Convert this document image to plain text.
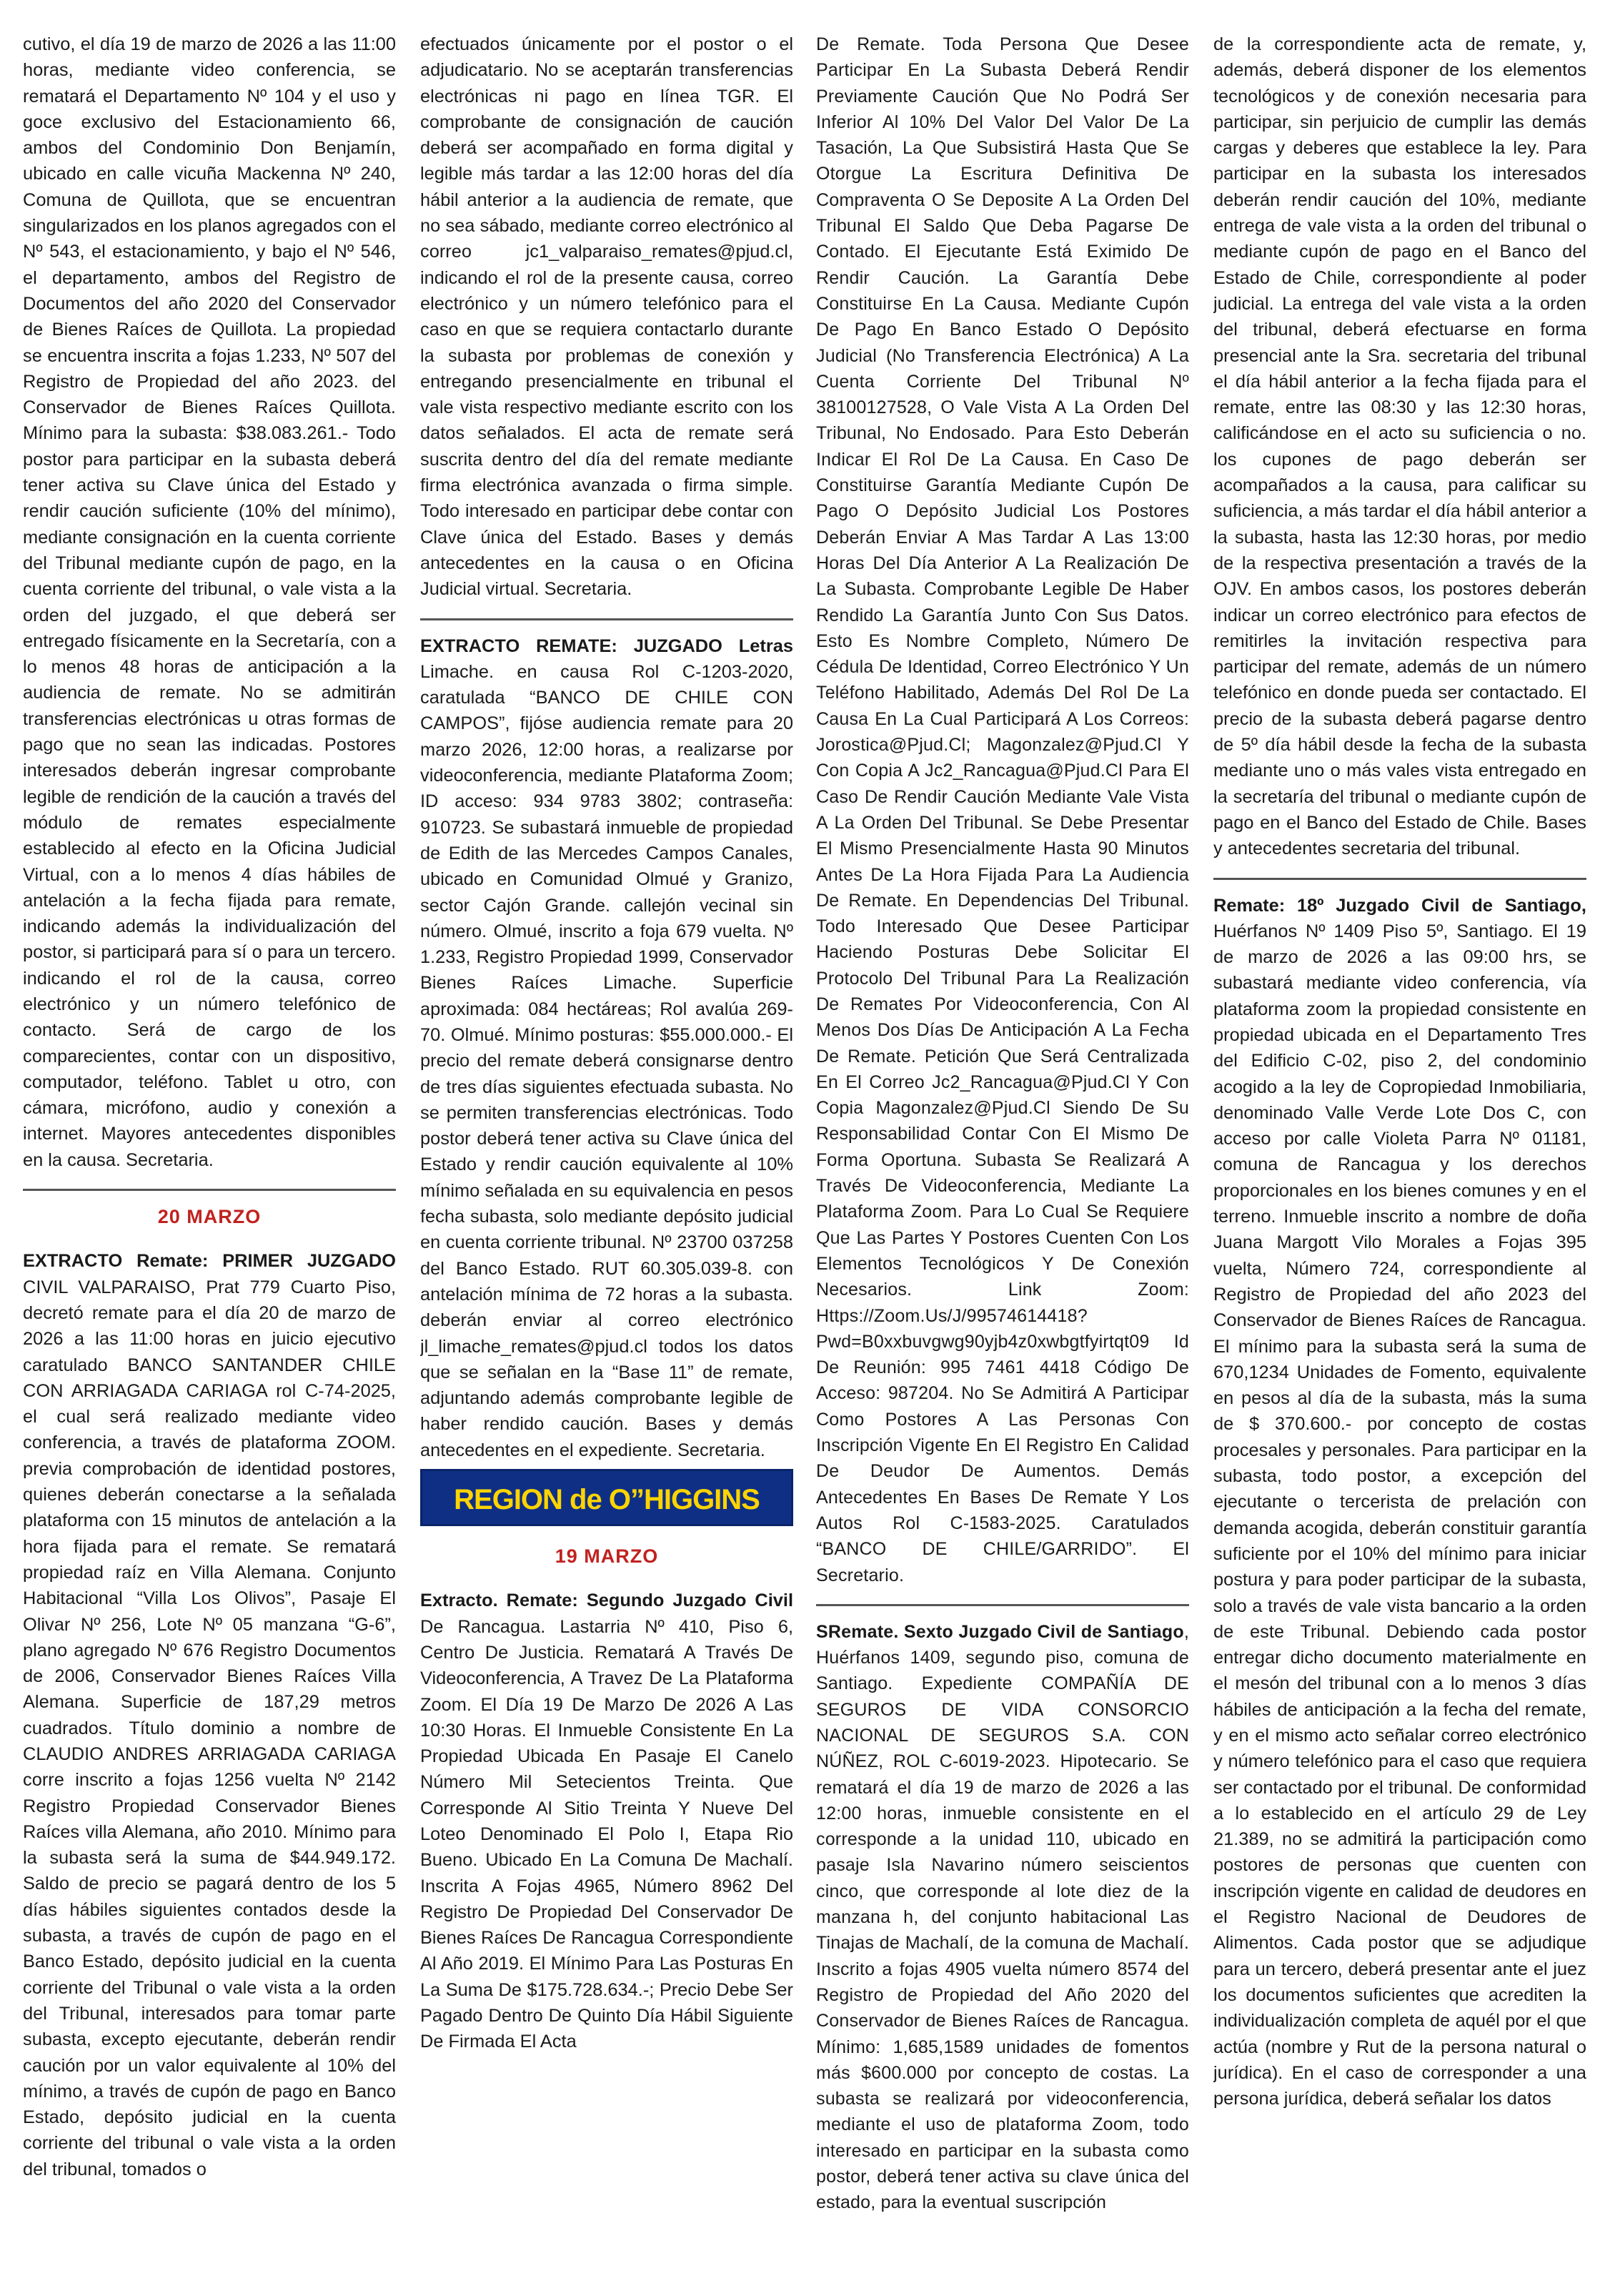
cutivo, el día 19 de marzo de 2026 a las 11:00 horas, mediante video conferencia, se rematará el Departamento Nº 104 y el uso y goce exclusivo del Estacionamiento 66, ambos del Condominio Don Benjamín, ubicado en calle vicuña Mackenna Nº 240, Comuna de Quillota, que se encuentran singularizados en los planos agregados con el Nº 543, el estacionamiento, y bajo el Nº 546, el departamento, ambos del Registro de Documentos del año 2020 del Conservador de Bienes Raíces de Quillota. La propiedad se encuentra inscrita a fojas 1.233, Nº 507 del Registro de Propiedad del año 2023. del Conservador de Bienes Raíces Quillota. Mínimo para la subasta: $38.083.261.- Todo postor para participar en la subasta deberá tener activa su Clave única del Estado y rendir caución suficiente (10% del mínimo), mediante consignación en la cuenta corriente del Tribunal mediante cupón de pago, en la cuenta corriente del tribunal, o vale vista a la orden del juzgado, el que deberá ser entregado físicamente en la Secretaría, con a lo menos 48 horas de anticipación a la audiencia de remate. No se admitirán transferencias electrónicas u otras formas de pago que no sean las indicadas. Postores interesados deberán ingresar comprobante legible de rendición de la caución a través del módulo de remates especialmente establecido al efecto en la Oficina Judicial Virtual, con a lo menos 4 días hábiles de antelación a la fecha fijada para remate, indicando además la individualización del postor, si participará para sí o para un tercero. indicando el rol de la causa, correo electrónico y un número telefónico de contacto. Será de cargo de los comparecientes, contar con un dispositivo, computador, teléfono. Tablet u otro, con cámara, micrófono, audio y conexión a internet. Mayores antecedentes disponibles en la causa. Secretaria.

20 MARZO

EXTRACTO Remate: PRIMER JUZGADO CIVIL VALPARAISO, Prat 779 Cuarto Piso, decretó remate para el día 20 de marzo de 2026 a las 11:00 horas en juicio ejecutivo caratulado BANCO SANTANDER CHILE CON ARRIAGADA CARIAGA rol C-74-2025, el cual será realizado mediante video conferencia, a través de plataforma ZOOM. previa comprobación de identidad postores, quienes deberán conectarse a la señalada plataforma con 15 minutos de antelación a la hora fijada para el remate. Se rematará propiedad raíz en Villa Alemana. Conjunto Habitacional “Villa Los Olivos”, Pasaje El Olivar Nº 256, Lote Nº 05 manzana “G-6”, plano agregado Nº 676 Registro Documentos de 2006, Conservador Bienes Raíces Villa Alemana. Superficie de 187,29 metros cuadrados. Título dominio a nombre de CLAUDIO ANDRES ARRIAGADA CARIAGA corre inscrito a fojas 1256 vuelta Nº 2142 Registro Propiedad Conservador Bienes Raíces villa Alemana, año 2010. Mínimo para la subasta será la suma de $44.949.172. Saldo de precio se pagará dentro de los 5 días hábiles siguientes contados desde la subasta, a través de cupón de pago en el Banco Estado, depósito judicial en la cuenta corriente del Tribunal o vale vista a la orden del Tribunal, interesados para tomar parte subasta, excepto ejecutante, deberán rendir caución por un valor equivalente al 10% del mínimo, a través de cupón de pago en Banco Estado, depósito judicial en la cuenta corriente del tribunal o vale vista a la orden del tribunal, tomados o

efectuados únicamente por el postor o el adjudicatario. No se aceptarán transferencias electrónicas ni pago en línea TGR. El comprobante de consignación de caución deberá ser acompañado en forma digital y legible más tardar a las 12:00 horas del día hábil anterior a la audiencia de remate, que no sea sábado, mediante correo electrónico al correo jc1_valparaiso_remates@pjud.cl, indicando el rol de la presente causa, correo electrónico y un número telefónico para el caso en que se requiera contactarlo durante la subasta por problemas de conexión y entregando presencialmente en tribunal el vale vista respectivo mediante escrito con los datos señalados. El acta de remate será suscrita dentro del día del remate mediante firma electrónica avanzada o firma simple. Todo interesado en participar debe contar con Clave única del Estado. Bases y demás antecedentes en la causa o en Oficina Judicial virtual. Secretaria.

EXTRACTO REMATE: JUZGADO Letras Limache. en causa Rol C-1203-2020, caratulada “BANCO DE CHILE CON CAMPOS”, fijóse audiencia remate para 20 marzo 2026, 12:00 horas, a realizarse por videoconferencia, mediante Plataforma Zoom; ID acceso: 934 9783 3802; contraseña: 910723. Se subastará inmueble de propiedad de Edith de las Mercedes Campos Canales, ubicado en Comunidad Olmué y Granizo, sector Cajón Grande. callejón vecinal sin número. Olmué, inscrito a foja 679 vuelta. Nº 1.233, Registro Propiedad 1999, Conservador Bienes Raíces Limache. Superficie aproximada: 084 hectáreas; Rol avalúa 269-70. Olmué. Mínimo posturas: $55.000.000.- El precio del remate deberá consignarse dentro de tres días siguientes efectuada subasta. No se permiten transferencias electrónicas. Todo postor deberá tener activa su Clave única del Estado y rendir caución equivalente al 10% mínimo señalada en su equivalencia en pesos fecha subasta, solo mediante depósito judicial en cuenta corriente tribunal. Nº 23700 037258 del Banco Estado. RUT 60.305.039-8. con antelación mínima de 72 horas a la subasta. deberán enviar al correo electrónico jl_limache_remates@pjud.cl todos los datos que se señalan en la “Base 11” de remate, adjuntando además comprobante legible de haber rendido caución. Bases y demás antecedentes en el expediente. Secretaria.

REGION de O”HIGGINS
19 MARZO

Extracto. Remate: Segundo Juzgado Civil De Rancagua. Lastarria Nº 410, Piso 6, Centro De Justicia. Rematará A Través De Videoconferencia, A Travez De La Plataforma Zoom. El Día 19 De Marzo De 2026 A Las 10:30 Horas. El Inmueble Consistente En La Propiedad Ubicada En Pasaje El Canelo Número Mil Setecientos Treinta. Que Corresponde Al Sitio Treinta Y Nueve Del Loteo Denominado El Polo I, Etapa Rio Bueno. Ubicado En La Comuna De Machalí. Inscrita A Fojas 4965, Número 8962 Del Registro De Propiedad Del Conservador De Bienes Raíces De Rancagua Correspondiente Al Año 2019. El Mínimo Para Las Posturas En La Suma De $175.728.634.-; Precio Debe Ser Pagado Dentro De Quinto Día Hábil Siguiente De Firmada El Acta

De Remate. Toda Persona Que Desee Participar En La Subasta Deberá Rendir Previamente Caución Que No Podrá Ser Inferior Al 10% Del Valor Del Valor De La Tasación, La Que Subsistirá Hasta Que Se Otorgue La Escritura Definitiva De Compraventa O Se Deposite A La Orden Del Tribunal El Saldo Que Deba Pagarse De Contado. El Ejecutante Está Eximido De Rendir Caución. La Garantía Debe Constituirse En La Causa. Mediante Cupón De Pago En Banco Estado O Depósito Judicial (No Transferencia Electrónica) A La Cuenta Corriente Del Tribunal Nº 38100127528, O Vale Vista A La Orden Del Tribunal, No Endosado. Para Esto Deberán Indicar El Rol De La Causa. En Caso De Constituirse Garantía Mediante Cupón De Pago O Depósito Judicial Los Postores Deberán Enviar A Mas Tardar A Las 13:00 Horas Del Día Anterior A La Realización De La Subasta. Comprobante Legible De Haber Rendido La Garantía Junto Con Sus Datos. Esto Es Nombre Completo, Número De Cédula De Identidad, Correo Electrónico Y Un Teléfono Habilitado, Además Del Rol De La Causa En La Cual Participará A Los Correos: Jorostica@Pjud.Cl; Magonzalez@Pjud.Cl Y Con Copia A Jc2_Rancagua@Pjud.Cl Para El Caso De Rendir Caución Mediante Vale Vista A La Orden Del Tribunal. Se Debe Presentar El Mismo Presencialmente Hasta 90 Minutos Antes De La Hora Fijada Para La Audiencia De Remate. En Dependencias Del Tribunal. Todo Interesado Que Desee Participar Haciendo Posturas Debe Solicitar El Protocolo Del Tribunal Para La Realización De Remates Por Videoconferencia, Con Al Menos Dos Días De Anticipación A La Fecha De Remate. Petición Que Será Centralizada En El Correo Jc2_Rancagua@Pjud.Cl Y Con Copia Magonzalez@Pjud.Cl Siendo De Su Responsabilidad Contar Con El Mismo De Forma Oportuna. Subasta Se Realizará A Través De Videoconferencia, Mediante La Plataforma Zoom. Para Lo Cual Se Requiere Que Las Partes Y Postores Cuenten Con Los Elementos Tecnológicos Y De Conexión Necesarios. Link Zoom: Https://Zoom.Us/J/99574614418?Pwd=B0xxbuvgwg90yjb4z0xwbgtfyirtqt09 Id De Reunión: 995 7461 4418 Código De Acceso: 987204. No Se Admitirá A Participar Como Postores A Las Personas Con Inscripción Vigente En El Registro En Calidad De Deudor De Aumentos. Demás Antecedentes En Bases De Remate Y Los Autos Rol C-1583-2025. Caratulados “BANCO DE CHILE/GARRIDO”. El Secretario.

SRemate. Sexto Juzgado Civil de Santiago, Huérfanos 1409, segundo piso, comuna de Santiago. Expediente COMPAÑÍA DE SEGUROS DE VIDA CONSORCIO NACIONAL DE SEGUROS S.A. CON NÚÑEZ, ROL C-6019-2023. Hipotecario. Se rematará el día 19 de marzo de 2026 a las 12:00 horas, inmueble consistente en el corresponde a la unidad 110, ubicado en pasaje Isla Navarino número seiscientos cinco, que corresponde al lote diez de la manzana h, del conjunto habitacional Las Tinajas de Machalí, de la comuna de Machalí. Inscrito a fojas 4905 vuelta número 8574 del Registro de Propiedad del Año 2020 del Conservador de Bienes Raíces de Rancagua. Mínimo: 1,685,1589 unidades de fomentos más $600.000 por concepto de costas. La subasta se realizará por videoconferencia, mediante el uso de plataforma Zoom, todo interesado en participar en la subasta como postor, deberá tener activa su clave única del estado, para la eventual suscripción

de la correspondiente acta de remate, y, además, deberá disponer de los elementos tecnológicos y de conexión necesaria para participar, sin perjuicio de cumplir las demás cargas y deberes que establece la ley. Para participar en la subasta los interesados deberán rendir caución del 10%, mediante entrega de vale vista a la orden del tribunal o mediante cupón de pago en el Banco del Estado de Chile, correspondiente al poder judicial. La entrega del vale vista a la orden del tribunal, deberá efectuarse en forma presencial ante la Sra. secretaria del tribunal el día hábil anterior a la fecha fijada para el remate, entre las 08:30 y las 12:30 horas, calificándose en el acto su suficiencia o no. los cupones de pago deberán ser acompañados a la causa, para calificar su suficiencia, a más tardar el día hábil anterior a la subasta, hasta las 12:30 horas, por medio de la respectiva presentación a través de la OJV. En ambos casos, los postores deberán indicar un correo electrónico para efectos de remitirles la invitación respectiva para participar del remate, además de un número telefónico en donde pueda ser contactado. El precio de la subasta deberá pagarse dentro de 5º día hábil desde la fecha de la subasta mediante uno o más vales vista entregado en la secretaría del tribunal o mediante cupón de pago en el Banco del Estado de Chile. Bases y antecedentes secretaria del tribunal.

Remate: 18º Juzgado Civil de Santiago, Huérfanos Nº 1409 Piso 5º, Santiago. El 19 de marzo de 2026 a las 09:00 hrs, se subastará mediante video conferencia, vía plataforma zoom la propiedad consistente en propiedad ubicada en el Departamento Tres del Edificio C-02, piso 2, del condominio acogido a la ley de Copropiedad Inmobiliaria, denominado Valle Verde Lote Dos C, con acceso por calle Violeta Parra Nº 01181, comuna de Rancagua y los derechos proporcionales en los bienes comunes y en el terreno. Inmueble inscrito a nombre de doña Juana Margott Vilo Morales a Fojas 395 vuelta, Número 724, correspondiente al Registro de Propiedad del año 2023 del Conservador de Bienes Raíces de Rancagua. El mínimo para la subasta será la suma de 670,1234 Unidades de Fomento, equivalente en pesos al día de la subasta, más la suma de $ 370.600.- por concepto de costas procesales y personales. Para participar en la subasta, todo postor, a excepción del ejecutante o tercerista de prelación con demanda acogida, deberán constituir garantía suficiente por el 10% del mínimo para iniciar postura y para poder participar de la subasta, solo a través de vale vista bancario a la orden de este Tribunal. Debiendo cada postor entregar dicho documento materialmente en el mesón del tribunal con a lo menos 3 días hábiles de anticipación a la fecha del remate, y en el mismo acto señalar correo electrónico y número telefónico para el caso que requiera ser contactado por el tribunal. De conformidad a lo establecido en el artículo 29 de Ley 21.389, no se admitirá la participación como postores de personas que cuenten con inscripción vigente en calidad de deudores en el Registro Nacional de Deudores de Alimentos. Cada postor que se adjudique para un tercero, deberá presentar ante el juez los documentos suficientes que acrediten la individualización completa de aquél por el que actúa (nombre y Rut de la persona natural o jurídica). En el caso de corresponder a una persona jurídica, deberá señalar los datos
